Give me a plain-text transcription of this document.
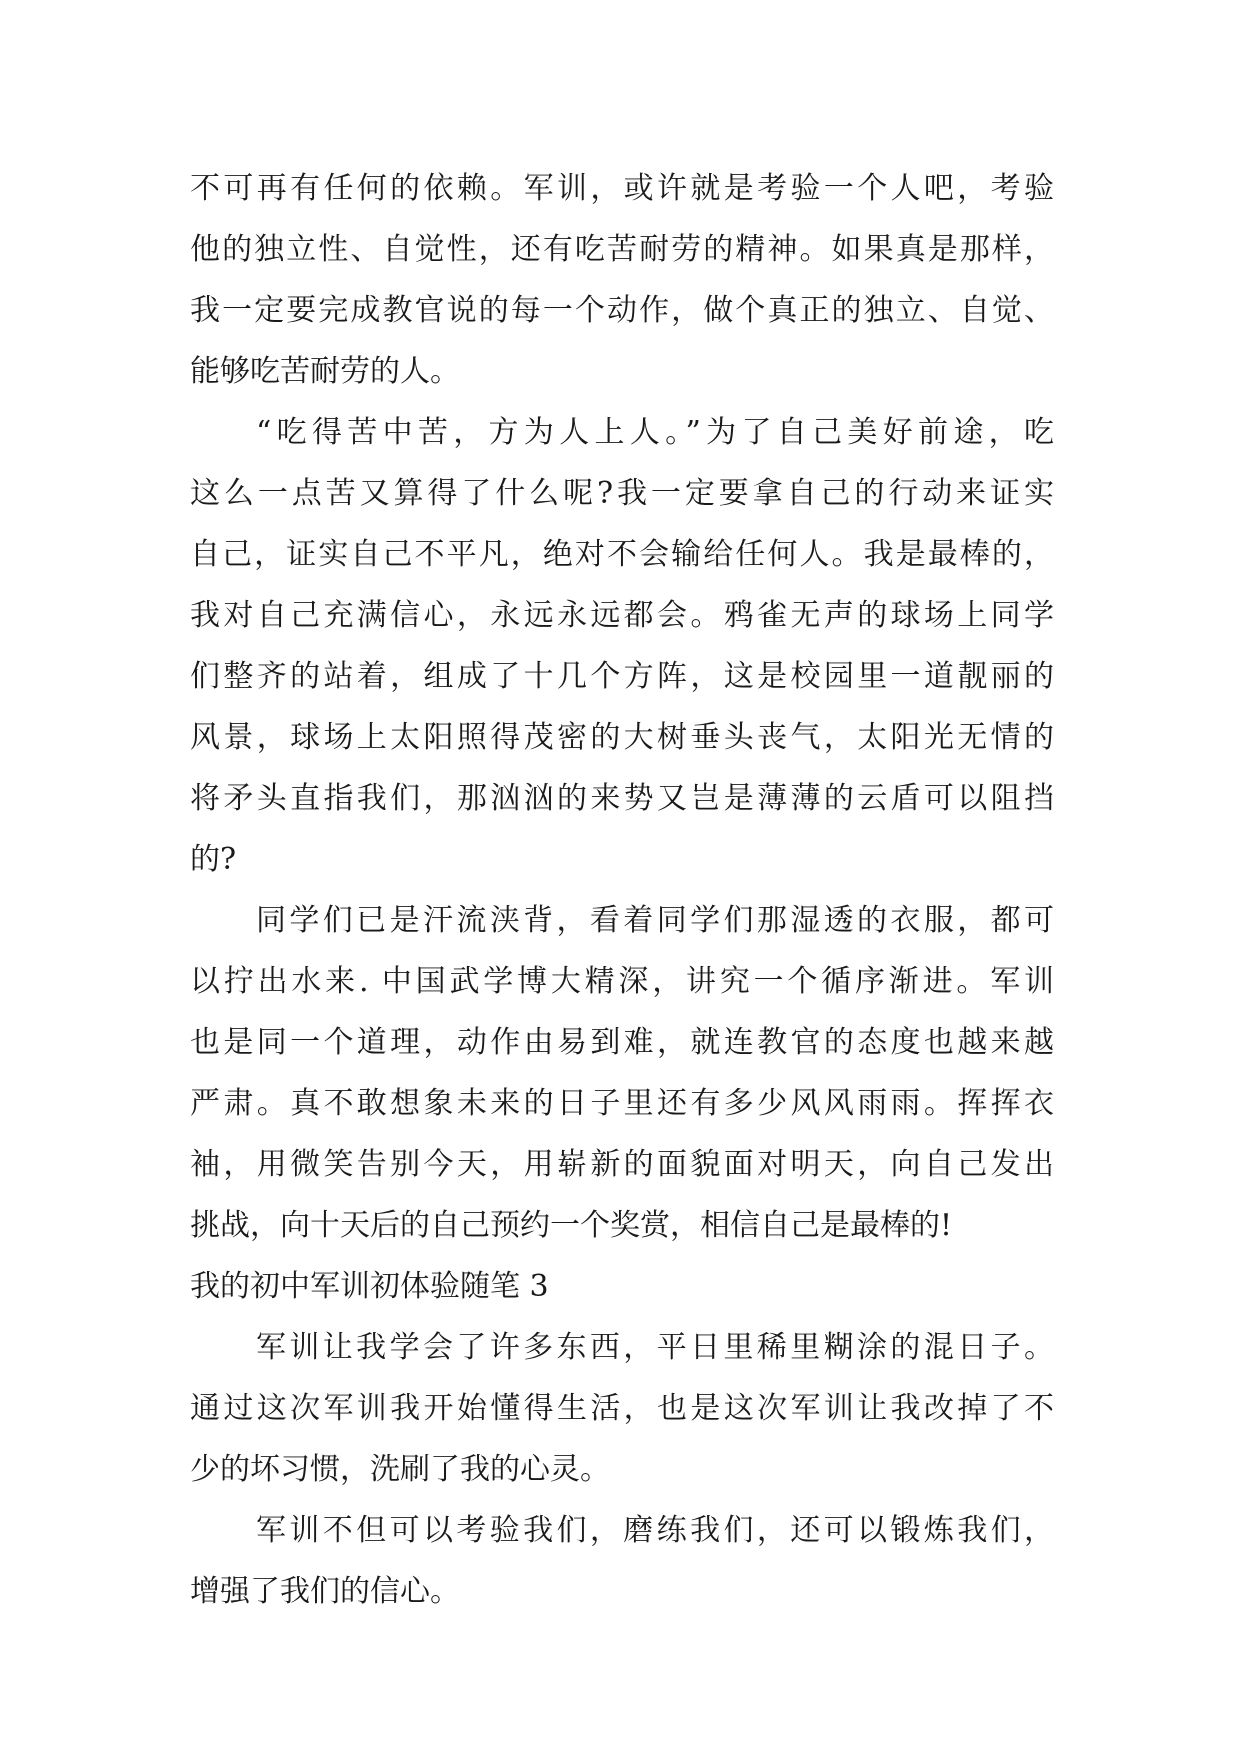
不可再有任何的依赖。军训，或许就是考验一个人吧，考验
他的独立性、自觉性，还有吃苦耐劳的精神。如果真是那样，
我一定要完成教官说的每一个动作，做个真正的独立、自觉、
能够吃苦耐劳的人。
“吃得苦中苦，方为人上人。”为了自己美好前途，吃
这么一点苦又算得了什么呢?我一定要拿自己的行动来证实
自己，证实自己不平凡，绝对不会输给任何人。我是最棒的，
我对自己充满信心，永远永远都会。鸦雀无声的球场上同学
们整齐的站着，组成了十几个方阵，这是校园里一道靓丽的
风景，球场上太阳照得茂密的大树垂头丧气，太阳光无情的
将矛头直指我们，那汹汹的来势又岂是薄薄的云盾可以阻挡
的?
同学们已是汗流浃背，看着同学们那湿透的衣服，都可
以拧出水来. 中国武学博大精深，讲究一个循序渐进。军训
也是同一个道理，动作由易到难，就连教官的态度也越来越
严肃。真不敢想象未来的日子里还有多少风风雨雨。挥挥衣
袖，用微笑告别今天，用崭新的面貌面对明天，向自己发出
挑战，向十天后的自己预约一个奖赏，相信自己是最棒的!
我的初中军训初体验随笔 3
军训让我学会了许多东西，平日里稀里糊涂的混日子。
通过这次军训我开始懂得生活，也是这次军训让我改掉了不
少的坏习惯，洗刷了我的心灵。
军训不但可以考验我们，磨练我们，还可以锻炼我们，
增强了我们的信心。
